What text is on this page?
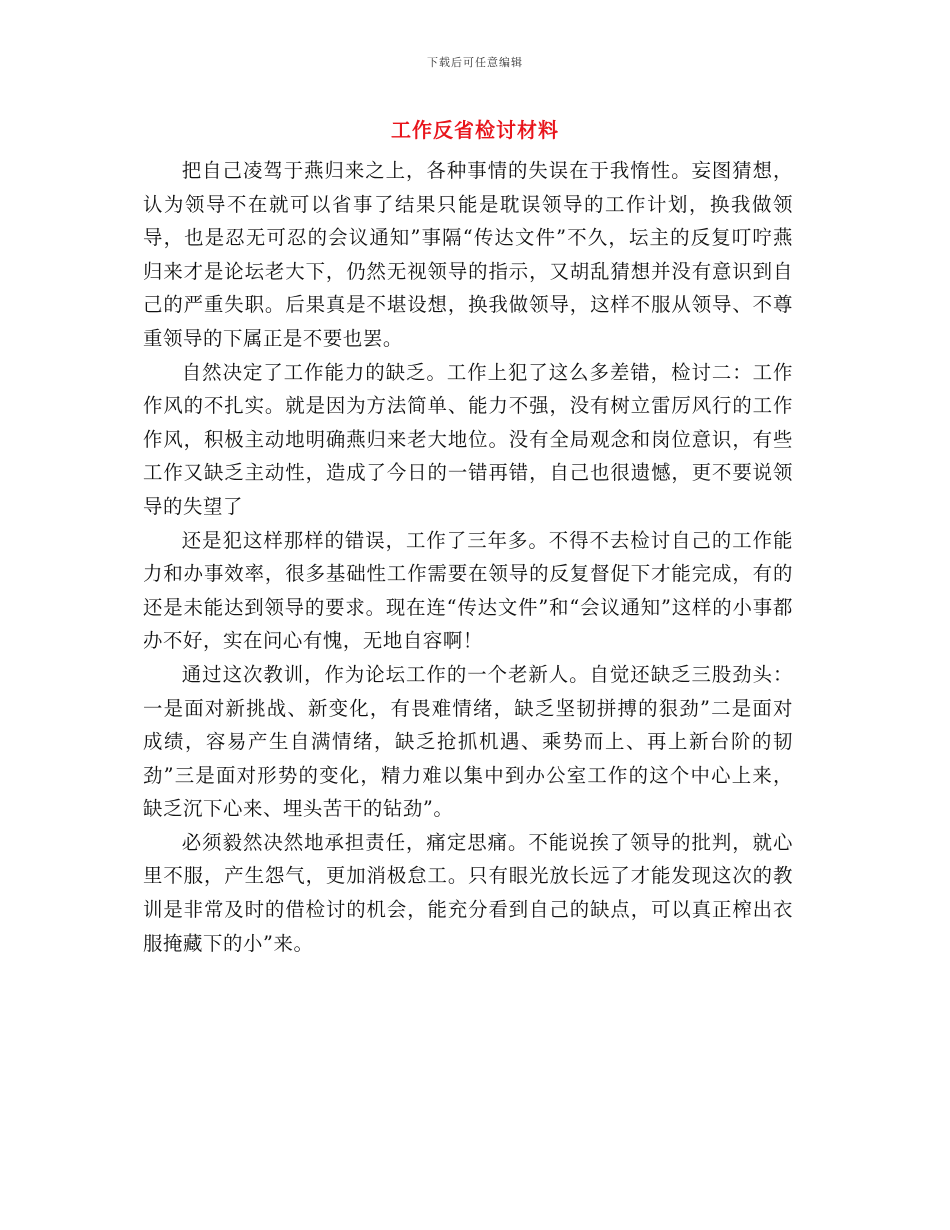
下载后可任意编辑
工作反省检讨材料

把自己凌驾于燕归来之上，各种事情的失误在于我惰性。妄图猜想，认为领导不在就可以省事了结果只能是耽误领导的工作计划，换我做领导，也是忍无可忍的会议通知”事隔“传达文件”不久，坛主的反复叮咛燕归来才是论坛老大下，仍然无视领导的指示，又胡乱猜想并没有意识到自己的严重失职。后果真是不堪设想，换我做领导，这样不服从领导、不尊重领导的下属正是不要也罢。

自然决定了工作能力的缺乏。工作上犯了这么多差错，检讨二：工作作风的不扎实。就是因为方法简单、能力不强，没有树立雷厉风行的工作作风，积极主动地明确燕归来老大地位。没有全局观念和岗位意识，有些工作又缺乏主动性，造成了今日的一错再错，自己也很遗憾，更不要说领导的失望了

还是犯这样那样的错误，工作了三年多。不得不去检讨自己的工作能力和办事效率，很多基础性工作需要在领导的反复督促下才能完成，有的还是未能达到领导的要求。现在连“传达文件”和“会议通知”这样的小事都办不好，实在问心有愧，无地自容啊！

通过这次教训，作为论坛工作的一个老新人。自觉还缺乏三股劲头：一是面对新挑战、新变化，有畏难情绪，缺乏坚韧拼搏的狠劲”二是面对成绩，容易产生自满情绪，缺乏抢抓机遇、乘势而上、再上新台阶的韧劲”三是面对形势的变化，精力难以集中到办公室工作的这个中心上来，缺乏沉下心来、埋头苦干的钻劲”。

必须毅然决然地承担责任，痛定思痛。不能说挨了领导的批判，就心里不服，产生怨气，更加消极怠工。只有眼光放长远了才能发现这次的教训是非常及时的借检讨的机会，能充分看到自己的缺点，可以真正榨出衣服掩藏下的小”来。
